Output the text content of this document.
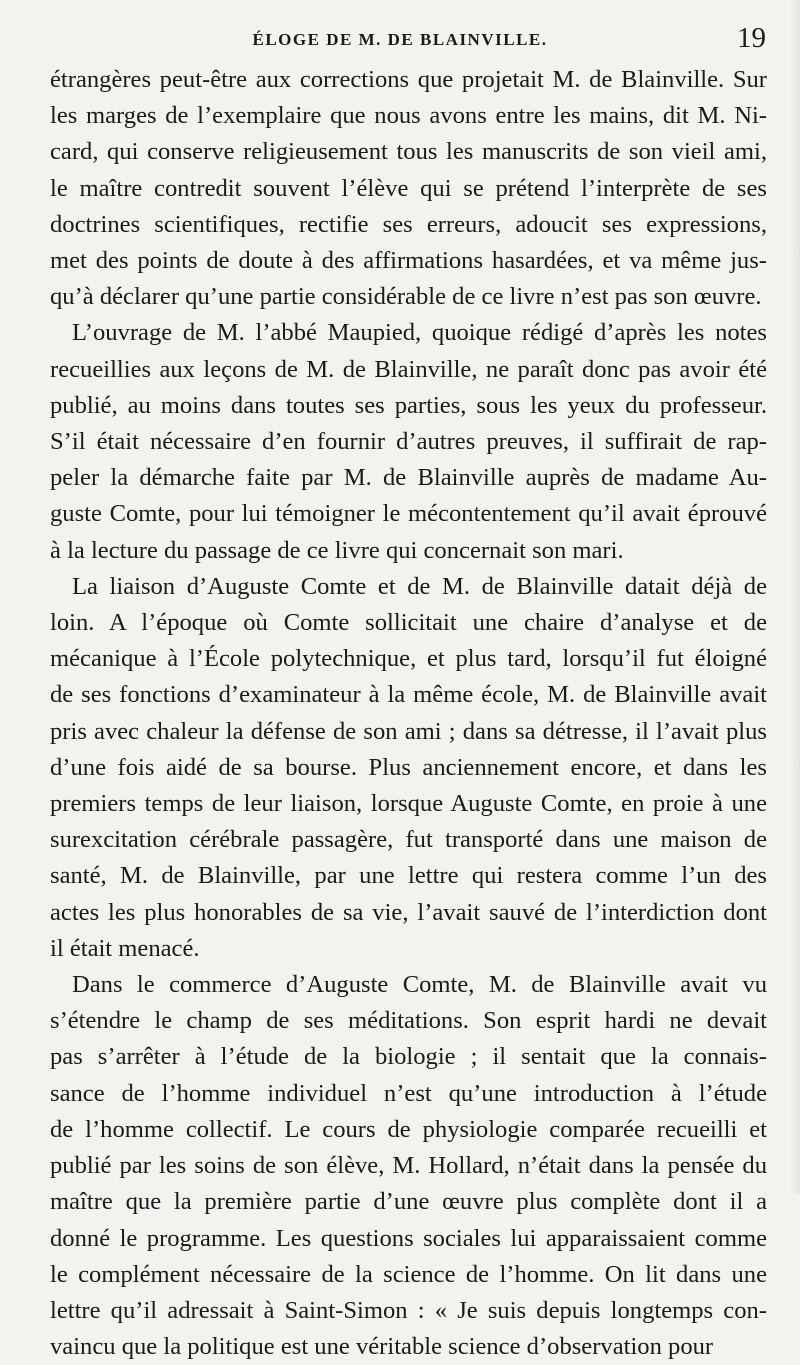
ÉLOGE DE M. DE BLAINVILLE.	19
étrangères peut-être aux corrections que projetait M. de Blainville. Sur
les marges de l’exemplaire que nous avons entre les mains, dit M. Ni-
card, qui conserve religieusement tous les manuscrits de son vieil ami,
le maître contredit souvent l’élève qui se prétend l’interprète de ses
doctrines scientifiques, rectifie ses erreurs, adoucit ses expressions,
met des points de doute à des affirmations hasardées, et va même jus-
qu’à déclarer qu’une partie considérable de ce livre n’est pas son œuvre.
L’ouvrage de M. l’abbé Maupied, quoique rédigé d’après les notes
recueillies aux leçons de M. de Blainville, ne paraît donc pas avoir été
publié, au moins dans toutes ses parties, sous les yeux du professeur.
S’il était nécessaire d’en fournir d’autres preuves, il suffirait de rap-
peler la démarche faite par M. de Blainville auprès de madame Au-
guste Comte, pour lui témoigner le mécontentement qu’il avait éprouvé
à la lecture du passage de ce livre qui concernait son mari.
La liaison d’Auguste Comte et de M. de Blainville datait déjà de
loin. A l’époque où Comte sollicitait une chaire d’analyse et de
mécanique à l’École polytechnique, et plus tard, lorsqu’il fut éloigné
de ses fonctions d’examinateur à la même école, M. de Blainville avait
pris avec chaleur la défense de son ami ; dans sa détresse, il l’avait plus
d’une fois aidé de sa bourse. Plus anciennement encore, et dans les
premiers temps de leur liaison, lorsque Auguste Comte, en proie à une
surexcitation cérébrale passagère, fut transporté dans une maison de
santé, M. de Blainville, par une lettre qui restera comme l’un des
actes les plus honorables de sa vie, l’avait sauvé de l’interdiction dont
il était menacé.
Dans le commerce d’Auguste Comte, M. de Blainville avait vu
s’étendre le champ de ses méditations. Son esprit hardi ne devait
pas s’arrêter à l’étude de la biologie ; il sentait que la connais-
sance de l’homme individuel n’est qu’une introduction à l’étude
de l’homme collectif. Le cours de physiologie comparée recueilli et
publié par les soins de son élève, M. Hollard, n’était dans la pensée du
maître que la première partie d’une œuvre plus complète dont il a
donné le programme. Les questions sociales lui apparaissaient comme
le complément nécessaire de la science de l’homme. On lit dans une
lettre qu’il adressait à Saint-Simon : « Je suis depuis longtemps con-
vaincu que la politique est une véritable science d’observation pour
